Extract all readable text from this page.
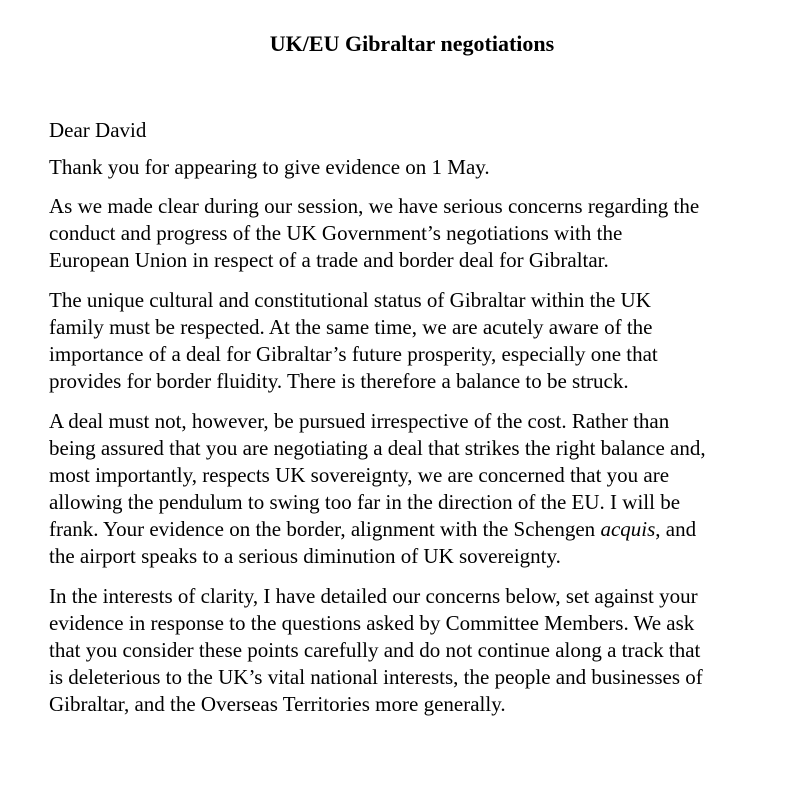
UK/EU Gibraltar negotiations

Dear David

Thank you for appearing to give evidence on 1 May.

As we made clear during our session, we have serious concerns regarding the
conduct and progress of the UK Government’s negotiations with the
European Union in respect of a trade and border deal for Gibraltar.

The unique cultural and constitutional status of Gibraltar within the UK
family must be respected. At the same time, we are acutely aware of the
importance of a deal for Gibraltar’s future prosperity, especially one that
provides for border fluidity. There is therefore a balance to be struck.

A deal must not, however, be pursued irrespective of the cost. Rather than
being assured that you are negotiating a deal that strikes the right balance and,
most importantly, respects UK sovereignty, we are concerned that you are
allowing the pendulum to swing too far in the direction of the EU. I will be
frank. Your evidence on the border, alignment with the Schengen acquis, and
the airport speaks to a serious diminution of UK sovereignty.

In the interests of clarity, I have detailed our concerns below, set against your
evidence in response to the questions asked by Committee Members. We ask
that you consider these points carefully and do not continue along a track that
is deleterious to the UK’s vital national interests, the people and businesses of
Gibraltar, and the Overseas Territories more generally.
